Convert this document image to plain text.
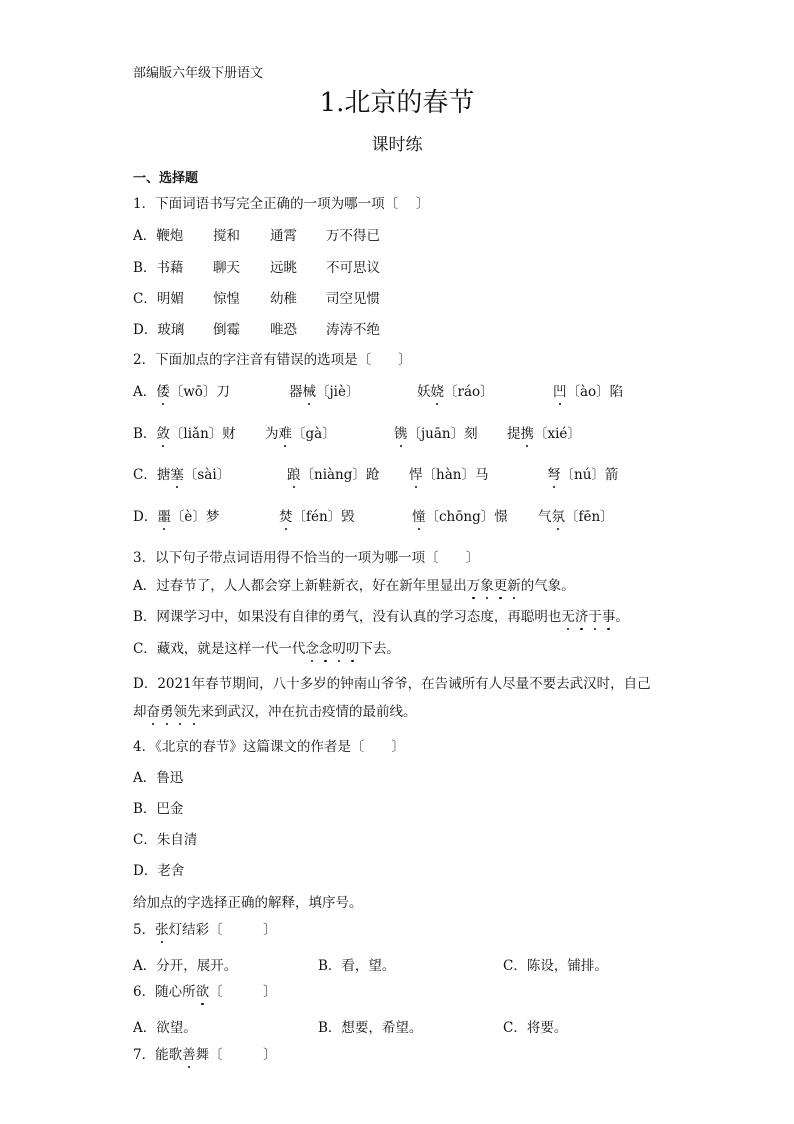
部编版六年级下册语文
1.北京的春节
课时练
一、选择题
1．下面词语书写完全正确的一项为哪一项〔　 〕
A．鞭炮 搅和 通霄 万不得已
B．书藉 聊天 远眺 不可思议
C．明媚 惊惶 幼稚 司空见惯
D．玻璃 倒霉 唯恐 涛涛不绝
2．下面加点的字注音有错误的选项是〔　　〕
A．倭〔wō〕刀	器械〔jiè〕	妖娆〔ráo〕	凹〔ào〕陷
B．敛〔liǎn〕财 为难〔gà〕	镌〔juān〕刻 提携〔xié〕
C．搪塞〔sài〕	踉〔niàng〕跄 悍〔hàn〕马	弩〔nú〕箭
D．噩〔è〕梦	焚〔fén〕毁	憧〔chōng〕憬 气氛〔fēn〕
3．以下句子带点词语用得不恰当的一项为哪一项〔　　〕
A．过春节了，人人都会穿上新鞋新衣，好在新年里显出万象更新的气象。
B．网课学习中，如果没有自律的勇气，没有认真的学习态度，再聪明也无济于事。
C．藏戏，就是这样一代一代念念叨叨下去。
D．2021年春节期间，八十多岁的钟南山爷爷，在告诫所有人尽量不要去武汉时，自己
却奋勇领先来到武汉，冲在抗击疫情的最前线。
4．《北京的春节》这篇课文的作者是〔　　〕
A．鲁迅
B．巴金
C．朱自清
D．老舍
给加点的字选择正确的解释，填序号。
5．张灯结彩〔　　　〕
A．分开，展开。	B．看，望。	C．陈设，铺排。
6．随心所欲〔　　　〕
A．欲望。	B．想要，希望。	C．将要。
7．能歌善舞〔　　　〕
